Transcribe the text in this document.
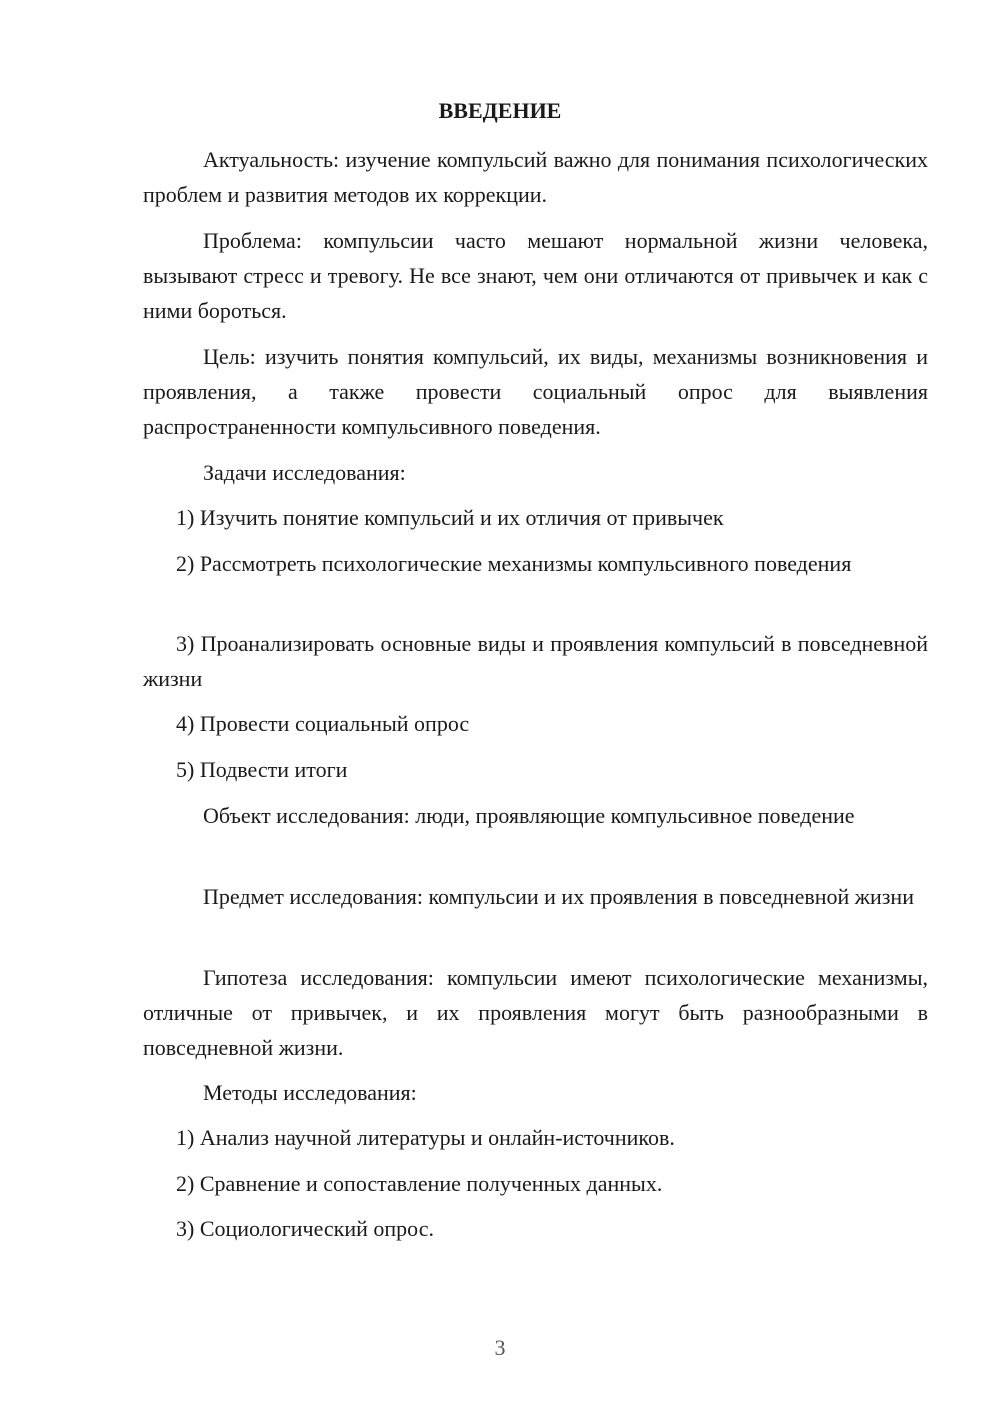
ВВЕДЕНИЕ
Актуальность: изучение компульсий важно для понимания психологических проблем и развития методов их коррекции.
Проблема: компульсии часто мешают нормальной жизни человека, вызывают стресс и тревогу. Не все знают, чем они отличаются от привычек и как с ними бороться.
Цель: изучить понятия компульсий, их виды, механизмы возникновения и проявления, а также провести социальный опрос для выявления распространенности компульсивного поведения.
Задачи исследования:
1) Изучить понятие компульсий и их отличия от привычек
2) Рассмотреть психологические механизмы компульсивного поведения
3) Проанализировать основные виды и проявления компульсий в повседневной жизни
4) Провести социальный опрос
5) Подвести итоги
Объект исследования: люди, проявляющие компульсивное поведение
Предмет исследования: компульсии и их проявления в повседневной жизни
Гипотеза исследования: компульсии имеют психологические механизмы, отличные от привычек, и их проявления могут быть разнообразными в повседневной жизни.
Методы исследования:
1) Анализ научной литературы и онлайн-источников.
2) Сравнение и сопоставление полученных данных.
3) Социологический опрос.
3
